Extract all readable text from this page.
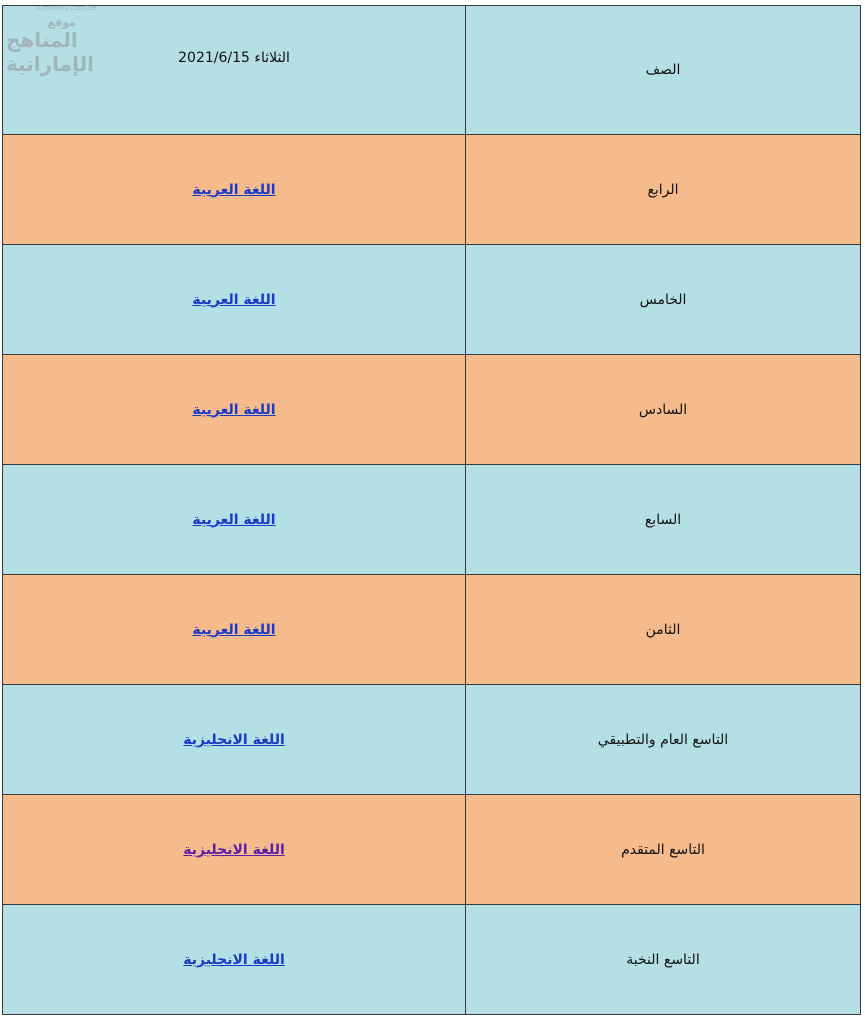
almanahj.com/ae
موقع
المناهج الإماراتية	الصف	الثلاثاء 2021/6/15
الرابع	اللغة العربية
الخامس	اللغة العربية
السادس	اللغة العربية
السابع	اللغة العربية
الثامن	اللغة العربية
التاسع العام والتطبيقي	اللغة الانجليزية
التاسع المتقدم	اللغة الانجليزية
التاسع النخبة	اللغة الانجليزية
